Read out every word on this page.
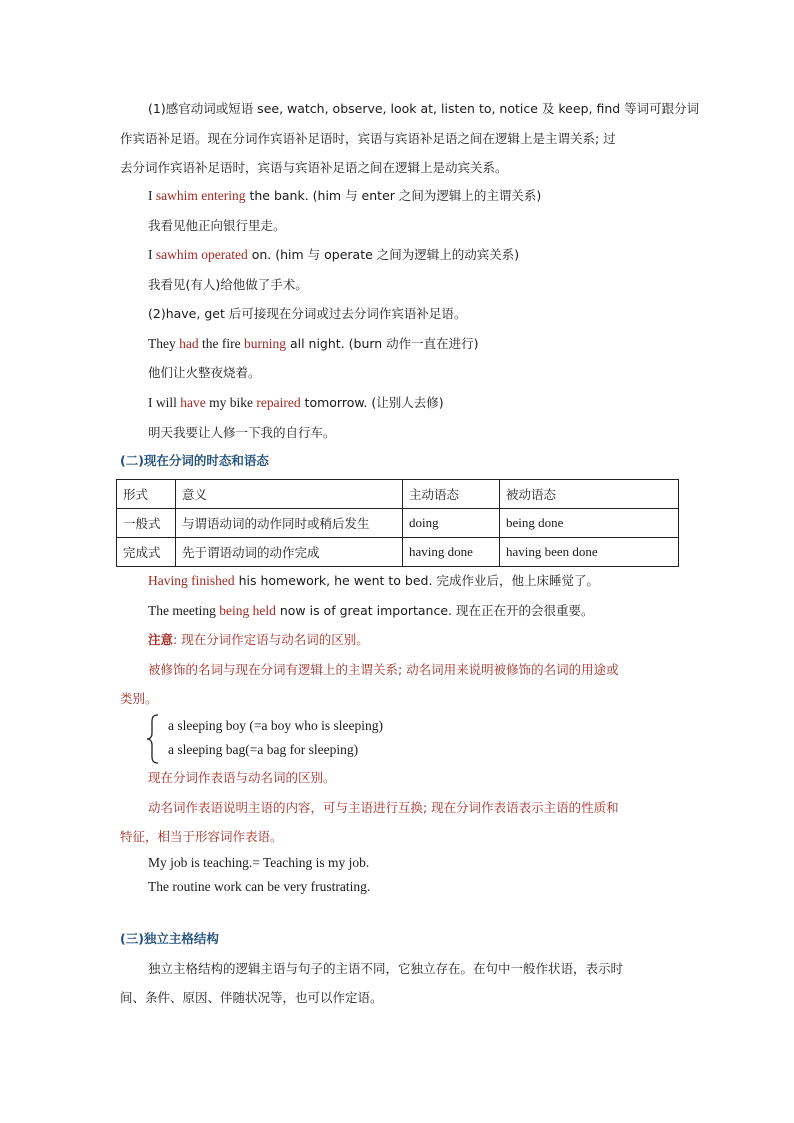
(1)感官动词或短语 see, watch, observe, look at, listen to, notice 及 keep, find 等词可跟分词
作宾语补足语。现在分词作宾语补足语时，宾语与宾语补足语之间在逻辑上是主谓关系; 过
去分词作宾语补足语时，宾语与宾语补足语之间在逻辑上是动宾关系。
I sawhim entering the bank. (him 与 enter 之间为逻辑上的主谓关系)
我看见他正向银行里走。
I sawhim operated on. (him 与 operate 之间为逻辑上的动宾关系)
我看见(有人)给他做了手术。
(2)have, get 后可接现在分词或过去分词作宾语补足语。
They had the fire burning all night. (burn 动作一直在进行)
他们让火整夜烧着。
I will have my bike repaired tomorrow. (让别人去修)
明天我要让人修一下我的自行车。
(二)现在分词的时态和语态
形式	意义	主动语态	被动语态
一般式	与谓语动词的动作同时或稍后发生	doing	being done
完成式	先于谓语动词的动作完成	having done	having been done
Having finished his homework, he went to bed. 完成作业后，他上床睡觉了。
The meeting being held now is of great importance. 现在正在开的会很重要。
注意: 现在分词作定语与动名词的区别。
被修饰的名词与现在分词有逻辑上的主谓关系; 动名词用来说明被修饰的名词的用途或
类别。
a sleeping boy (=a boy who is sleeping)
a sleeping bag(=a bag for sleeping)
现在分词作表语与动名词的区别。
动名词作表语说明主语的内容，可与主语进行互换; 现在分词作表语表示主语的性质和
特征，相当于形容词作表语。
My job is teaching.= Teaching is my job.
The routine work can be very frustrating.
(三)独立主格结构
独立主格结构的逻辑主语与句子的主语不同，它独立存在。在句中一般作状语，表示时
间、条件、原因、伴随状况等，也可以作定语。
